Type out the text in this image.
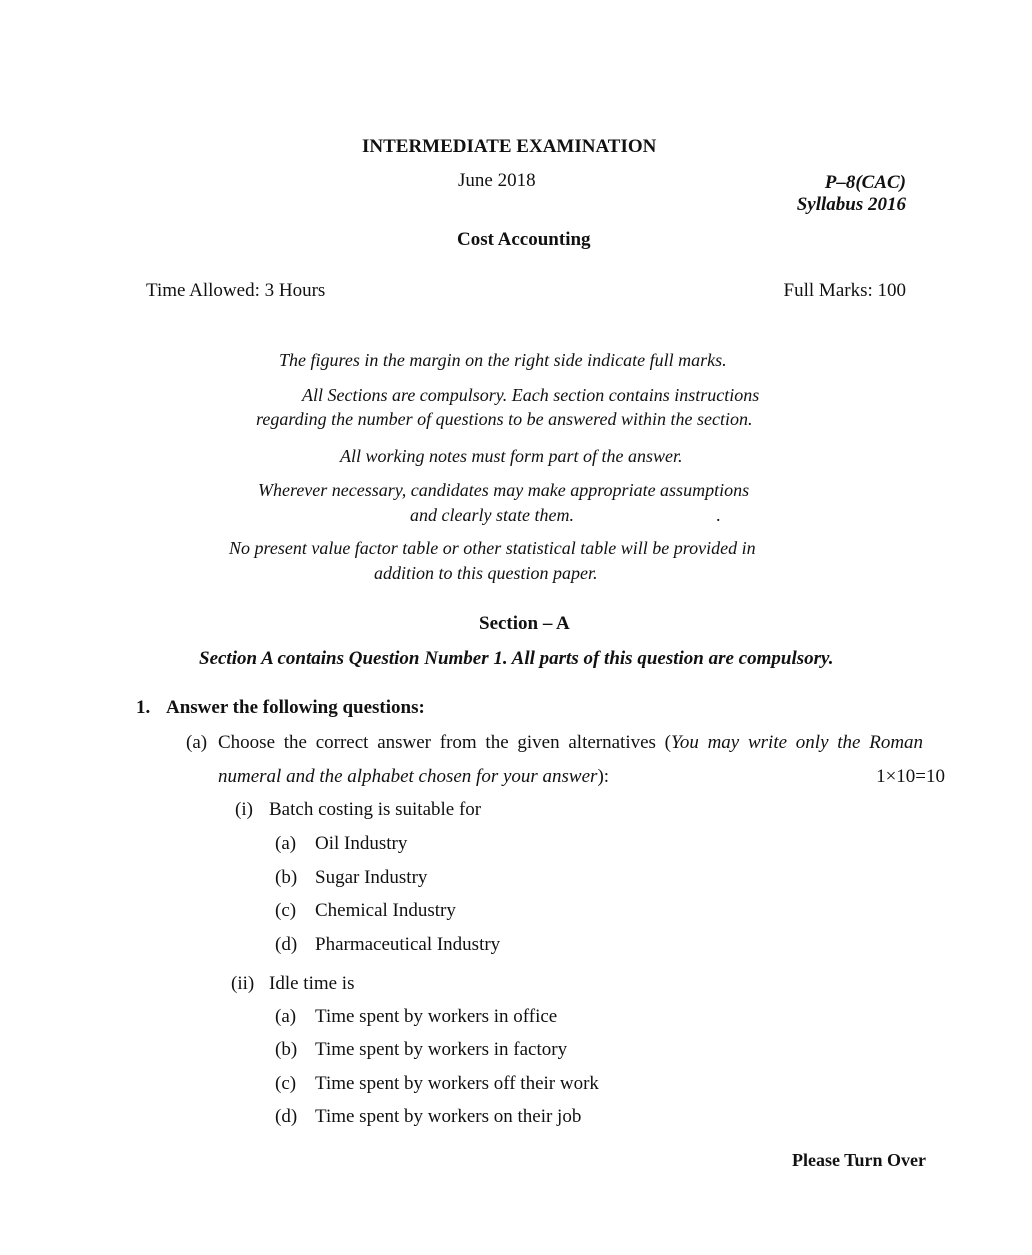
INTERMEDIATE EXAMINATION
June 2018	P–8(CAC)
Syllabus 2016
Cost Accounting
Time Allowed: 3 Hours	Full Marks: 100
The figures in the margin on the right side indicate full marks.
All Sections are compulsory. Each section contains instructions
regarding the number of questions to be answered within the section.
All working notes must form part of the answer.
Wherever necessary, candidates may make appropriate assumptions
and clearly state them.	.
No present value factor table or other statistical table will be provided in
addition to this question paper.
Section – A
Section A contains Question Number 1. All parts of this question are compulsory.
1. Answer the following questions:
(a) Choose the correct answer from the given alternatives (You may write only the Roman
numeral and the alphabet chosen for your answer):	1×10=10
(i) Batch costing is suitable for
(a) Oil Industry
(b) Sugar Industry
(c) Chemical Industry
(d) Pharmaceutical Industry
(ii) Idle time is
(a) Time spent by workers in office
(b) Time spent by workers in factory
(c) Time spent by workers off their work
(d) Time spent by workers on their job
Please Turn Over
